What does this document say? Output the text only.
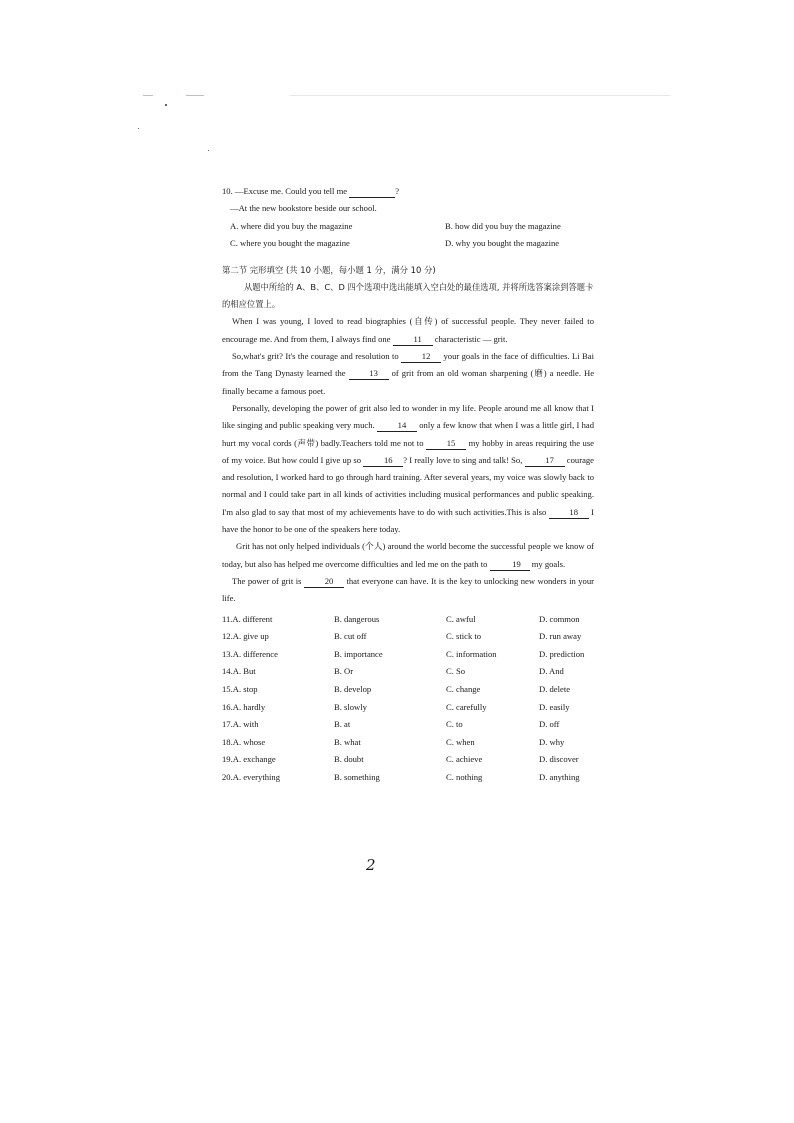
10. —Excuse me. Could you tell me	?
—At the new bookstore beside our school.
A. where did you buy the magazine	B. how did you buy the magazine
C. where you bought the magazine	D. why you bought the magazine
第二节 完形填空 (共 10 小题，每小题 1 分，满分 10 分)
从题中所给的 A、B、C、D 四个选项中选出能填入空白处的最佳选项, 并将所选答案涂到答题卡的相应位置上。
When I was young, I loved to read biographies (自传) of successful people. They never failed to encourage me. And from them, I always find one	11 characteristic — grit.
So,what's grit? It's the courage and resolution to	12 your goals in the face of difficulties. Li Bai from the Tang Dynasty learned the	13 of grit from an old woman sharpening (磨) a needle. He finally became a famous poet.
Personally, developing the power of grit also led to wonder in my life. People around me all know that I like singing and public speaking very much.	14 only a few know that when I was a little girl, I had hurt my vocal cords (声带) badly.Teachers told me not to	15 my hobby in areas requiring the use of my voice. But how could I give up so	16 ? I really love to sing and talk! So,	17 courage and resolution, I worked hard to go through hard training. After several years, my voice was slowly back to normal and I could take part in all kinds of activities including musical performances and public speaking. I'm also glad to say that most of my achievements have to do with such activities.This is also	18 I have the honor to be one of the speakers here today.
Grit has not only helped individuals (个人) around the world become the successful people we know of today, but also has helped me overcome difficulties and led me on the path to	19 my goals.
The power of grit is	20 that everyone can have. It is the key to unlocking new wonders in your life.
11.A. different	B. dangerous	C. awful	D. common
12.A. give up	B. cut off	C. stick to	D. run away
13.A. difference	B. importance	C. information	D. prediction
14.A. But	B. Or	C. So	D. And
15.A. stop	B. develop	C. change	D. delete
16.A. hardly	B. slowly	C. carefully	D. easily
17.A. with	B. at	C. to	D. off
18.A. whose	B. what	C. when	D. why
19.A. exchange	B. doubt	C. achieve	D. discover
20.A. everything	B. something	C. nothing	D. anything
2
